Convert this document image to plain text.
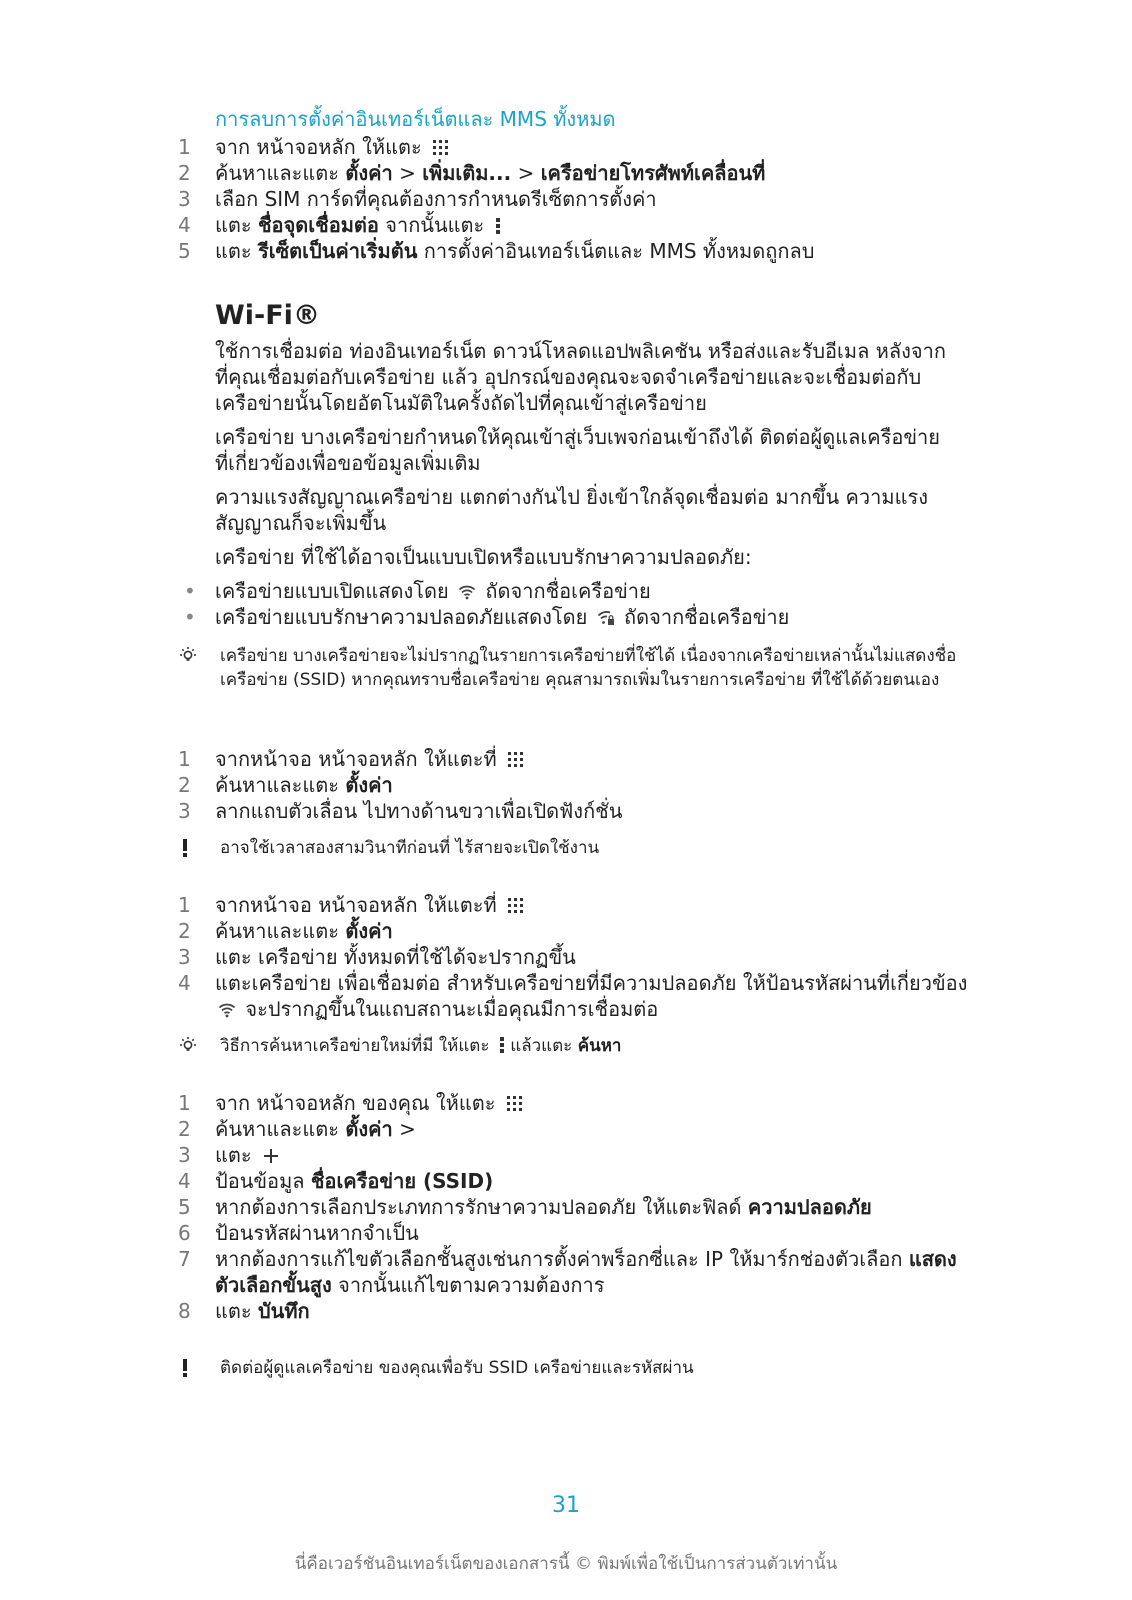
การลบการตั้งค่าอินเทอร์เน็ตและ MMS ทั้งหมด
1	จาก หน้าจอหลัก ให้แตะ
2	ค้นหาและแตะ ตั้งค่า > เพิ่มเติม... > เครือข่ายโทรศัพท์เคลื่อนที่
3	เลือก SIM การ์ดที่คุณต้องการกำหนดรีเซ็ตการตั้งค่า
4	แตะ ชื่อจุดเชื่อมต่อ จากนั้นแตะ
5	แตะ รีเซ็ตเป็นค่าเริ่มต้น การตั้งค่าอินเทอร์เน็ตและ MMS ทั้งหมดถูกลบ
Wi-Fi®
ใช้การเชื่อมต่อ ท่องอินเทอร์เน็ต ดาวน์โหลดแอปพลิเคชัน หรือส่งและรับอีเมล หลังจากที่คุณเชื่อมต่อกับเครือข่าย แล้ว อุปกรณ์ของคุณจะจดจำเครือข่ายและจะเชื่อมต่อกับเครือข่ายนั้นโดยอัตโนมัติในครั้งถัดไปที่คุณเข้าสู่เครือข่าย
เครือข่าย บางเครือข่ายกำหนดให้คุณเข้าสู่เว็บเพจก่อนเข้าถึงได้ ติดต่อผู้ดูแลเครือข่าย ที่เกี่ยวข้องเพื่อขอข้อมูลเพิ่มเติม
ความแรงสัญญาณเครือข่าย แตกต่างกันไป ยิ่งเข้าใกล้จุดเชื่อมต่อ มากขึ้น ความแรงสัญญาณก็จะเพิ่มขึ้น
เครือข่าย ที่ใช้ได้อาจเป็นแบบเปิดหรือแบบรักษาความปลอดภัย:
• เครือข่ายแบบเปิดแสดงโดย  ถัดจากชื่อเครือข่าย
• เครือข่ายแบบรักษาความปลอดภัยแสดงโดย  ถัดจากชื่อเครือข่าย
เครือข่าย บางเครือข่ายจะไม่ปรากฏในรายการเครือข่ายที่ใช้ได้ เนื่องจากเครือข่ายเหล่านั้นไม่แสดงชื่อเครือข่าย (SSID) หากคุณทราบชื่อเครือข่าย คุณสามารถเพิ่มในรายการเครือข่าย ที่ใช้ได้ด้วยตนเอง
1	จากหน้าจอ หน้าจอหลัก ให้แตะที่
2	ค้นหาและแตะ ตั้งค่า
3	ลากแถบตัวเลื่อน ไปทางด้านขวาเพื่อเปิดฟังก์ชั่น
อาจใช้เวลาสองสามวินาทีก่อนที่ ไร้สายจะเปิดใช้งาน
1	จากหน้าจอ หน้าจอหลัก ให้แตะที่
2	ค้นหาและแตะ ตั้งค่า
3	แตะ เครือข่าย ทั้งหมดที่ใช้ได้จะปรากฏขึ้น
4	แตะเครือข่าย เพื่อเชื่อมต่อ สำหรับเครือข่ายที่มีความปลอดภัย ให้ป้อนรหัสผ่านที่เกี่ยวข้อง  จะปรากฏขึ้นในแถบสถานะเมื่อคุณมีการเชื่อมต่อ
วิธีการค้นหาเครือข่ายใหม่ที่มี ให้แตะ  แล้วแตะ ค้นหา
1	จาก หน้าจอหลัก ของคุณ ให้แตะ
2	ค้นหาและแตะ ตั้งค่า >
3	แตะ
4	ป้อนข้อมูล ชื่อเครือข่าย (SSID)
5	หากต้องการเลือกประเภทการรักษาความปลอดภัย ให้แตะฟิลด์ ความปลอดภัย
6	ป้อนรหัสผ่านหากจำเป็น
7	หากต้องการแก้ไขตัวเลือกชั้นสูงเช่นการตั้งค่าพร็อกซี่และ IP ให้มาร์กช่องตัวเลือก แสดงตัวเลือกขั้นสูง จากนั้นแก้ไขตามความต้องการ
8	แตะ บันทึก
ติดต่อผู้ดูแลเครือข่าย ของคุณเพื่อรับ SSID เครือข่ายและรหัสผ่าน
31
นี่คือเวอร์ชันอินเทอร์เน็ตของเอกสารนี้ © พิมพ์เพื่อใช้เป็นการส่วนตัวเท่านั้น
